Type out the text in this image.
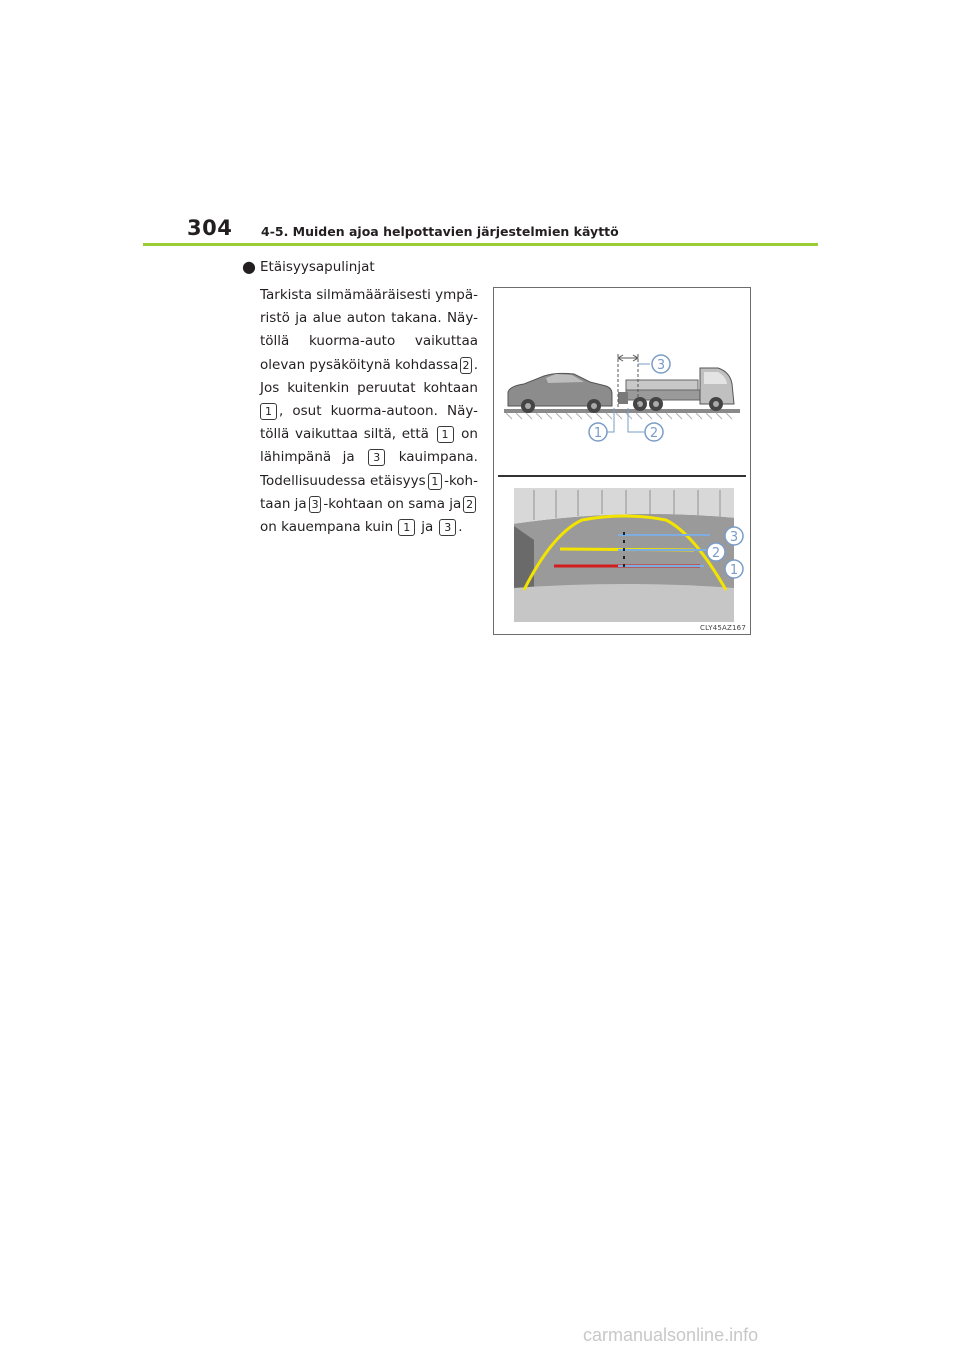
304 4-5. Muiden ajoa helpottavien järjestelmien käyttö
● Etäisyysapulinjat
Tarkista silmämääräisesti ympä-
ristö ja alue auton takana. Näy-
töllä kuorma-auto vaikuttaa
olevan pysäköitynä kohdassa 2 .
Jos kuitenkin peruutat kohtaan
1 , osut kuorma-autoon. Näy-
töllä vaikuttaa siltä, että	1 on
lähimpänä ja	3	kauimpana.
Todellisuudessa etäisyys 1 -koh-
taan ja 3 -kohtaan on sama ja 2
on kauempana kuin 1 ja	3 .
3
1	2
3
2
1
CLY45AZ167
carmanualsonline.info
